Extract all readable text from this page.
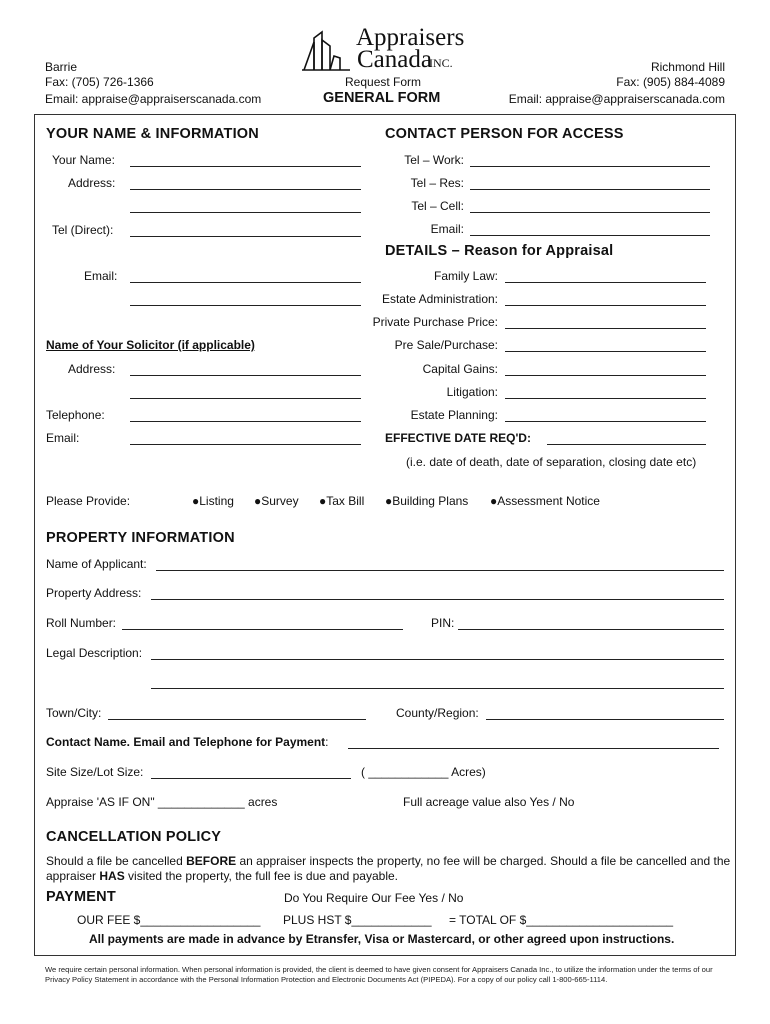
Appraisers
Canada
INC.
Barrie
Fax: (705) 726-1366
Email: appraise@appraiserscanada.com
Request Form
GENERAL FORM
Richmond Hill
Fax: (905) 884-4089
Email: appraise@appraiserscanada.com
YOUR NAME & INFORMATION
Your Name:
Address:
Tel (Direct):
Email:
CONTACT PERSON FOR ACCESS
Tel – Work:
Tel – Res:
Tel – Cell:
Email:
DETAILS – Reason for Appraisal
Family Law:
Estate Administration:
Private Purchase Price:
Pre Sale/Purchase:
Capital Gains:
Litigation:
Estate Planning:
EFFECTIVE DATE REQ'D:
(i.e. date of death, date of separation, closing date etc)
Name of Your Solicitor (if applicable)
Address:
Telephone:
Email:
Please Provide:	●Listing ●Survey ●Tax Bill ●Building Plans ●Assessment Notice
PROPERTY INFORMATION
Name of Applicant:
Property Address:
Roll Number:	PIN:
Legal Description:
Town/City:	County/Region:
Contact Name. Email and Telephone for Payment:
Site Size/Lot Size:	( ____________ Acres)
Appraise 'AS IF ON" _____________ acres	Full acreage value also Yes / No
CANCELLATION POLICY
Should a file be cancelled BEFORE an appraiser inspects the property, no fee will be charged. Should a file be cancelled and the appraiser HAS visited the property, the full fee is due and payable.
PAYMENT	Do You Require Our Fee Yes / No
OUR FEE $__________________ PLUS HST $____________ = TOTAL OF $______________________
All payments are made in advance by Etransfer, Visa or Mastercard, or other agreed upon instructions.
We require certain personal information. When personal information is provided, the client is deemed to have given consent for Appraisers Canada Inc., to utilize the information under the terms of our Privacy Policy Statement in accordance with the Personal Information Protection and Electronic Documents Act (PIPEDA). For a copy of our policy call 1-800-665-1114.
